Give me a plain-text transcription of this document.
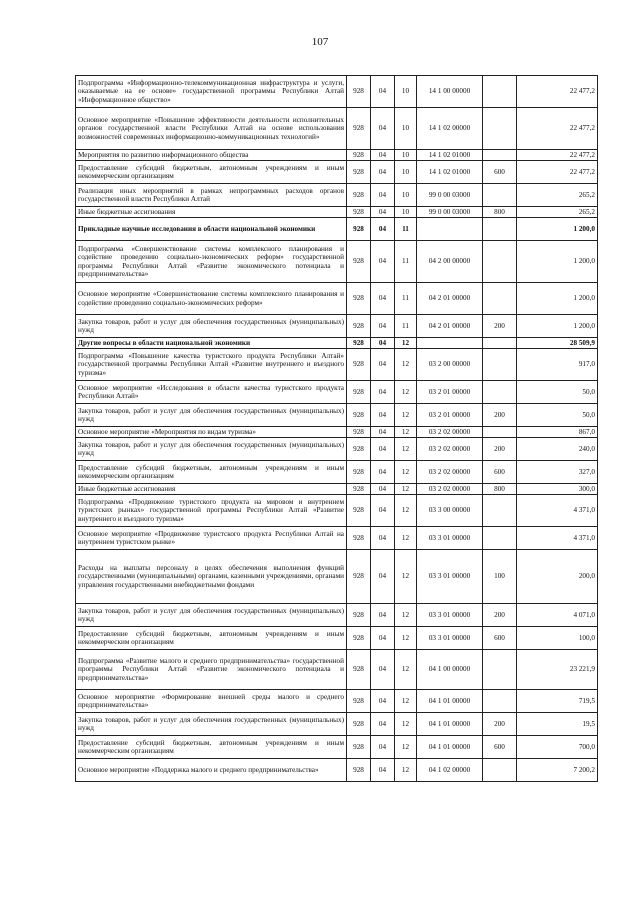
107
Подпрограмма «Информационно-телекоммуникационная инфраструктура и услуги, оказываемые на ее основе» государственной программы Республики Алтай «Информационное общество»	928	04	10	14 1 00 00000		22 477,2
Основное мероприятие «Повышение эффективности деятельности исполнительных органов государственной власти Республики Алтай на основе использования возможностей современных информационно-коммуникационных технологий»	928	04	10	14 1 02 00000		22 477,2
Мероприятия по развитию информационного общества	928	04	10	14 1 02 01000		22 477,2
Предоставление субсидий бюджетным, автономным учреждениям и иным некоммерческим организациям	928	04	10	14 1 02 01000	600	22 477,2
Реализация иных мероприятий в рамках непрограммных расходов органов государственной власти Республики Алтай	928	04	10	99 0 00 03000		265,2
Иные бюджетные ассигнования	928	04	10	99 0 00 03000	800	265,2
Прикладные научные исследования в области национальной экономики	928	04	11			1 200,0
Подпрограмма «Совершенствование системы комплексного планирования и содействие проведению социально-экономических реформ» государственной программы Республики Алтай «Развитие экономического потенциала и предпринимательства»	928	04	11	04 2 00 00000		1 200,0
Основное мероприятие «Совершенствование системы комплексного планирования и содействие проведению социально-экономических реформ»	928	04	11	04 2 01 00000		1 200,0
Закупка товаров, работ и услуг для обеспечения государственных (муниципальных) нужд	928	04	11	04 2 01 00000	200	1 200,0
Другие вопросы в области национальной экономики	928	04	12			28 509,9
Подпрограмма «Повышение качества туристского продукта Республики Алтай» государственной программы Республики Алтай «Развитие внутреннего и въездного туризма»	928	04	12	03 2 00 00000		917,0
Основное мероприятие «Исследования в области качества туристского продукта Республики Алтай»	928	04	12	03 2 01 00000		50,0
Закупка товаров, работ и услуг для обеспечения государственных (муниципальных) нужд	928	04	12	03 2 01 00000	200	50,0
Основное мероприятие «Мероприятия по видам туризма»	928	04	12	03 2 02 00000		867,0
Закупка товаров, работ и услуг для обеспечения государственных (муниципальных) нужд	928	04	12	03 2 02 00000	200	240,0
Предоставление субсидий бюджетным, автономным учреждениям и иным некоммерческим организациям	928	04	12	03 2 02 00000	600	327,0
Иные бюджетные ассигнования	928	04	12	03 2 02 00000	800	300,0
Подпрограмма «Продвижение туристского продукта на мировом и внутреннем туристских рынках» государственной программы Республики Алтай «Развитие внутреннего и въездного туризма»	928	04	12	03 3 00 00000		4 371,0
Основное мероприятие «Продвижение туристского продукта Республики Алтай на внутреннем туристском рынке»	928	04	12	03 3 01 00000		4 371,0
Расходы на выплаты персоналу в целях обеспечения выполнения функций государственными (муниципальными) органами, казенными учреждениями, органами управления государственными внебюджетными фондами	928	04	12	03 3 01 00000	100	200,0
Закупка товаров, работ и услуг для обеспечения государственных (муниципальных) нужд	928	04	12	03 3 01 00000	200	4 071,0
Предоставление субсидий бюджетным, автономным учреждениям и иным некоммерческим организациям	928	04	12	03 3 01 00000	600	100,0
Подпрограмма «Развитие малого и среднего предпринимательства» государственной программы Республики Алтай «Развитие экономического потенциала и предпринимательства»	928	04	12	04 1 00 00000		23 221,9
Основное мероприятие «Формирование внешней среды малого и среднего предпринимательства»	928	04	12	04 1 01 00000		719,5
Закупка товаров, работ и услуг для обеспечения государственных (муниципальных) нужд	928	04	12	04 1 01 00000	200	19,5
Предоставление субсидий бюджетным, автономным учреждениям и иным некоммерческим организациям	928	04	12	04 1 01 00000	600	700,0
Основное мероприятие «Поддержка малого и среднего предпринимательства»	928	04	12	04 1 02 00000		7 200,2
